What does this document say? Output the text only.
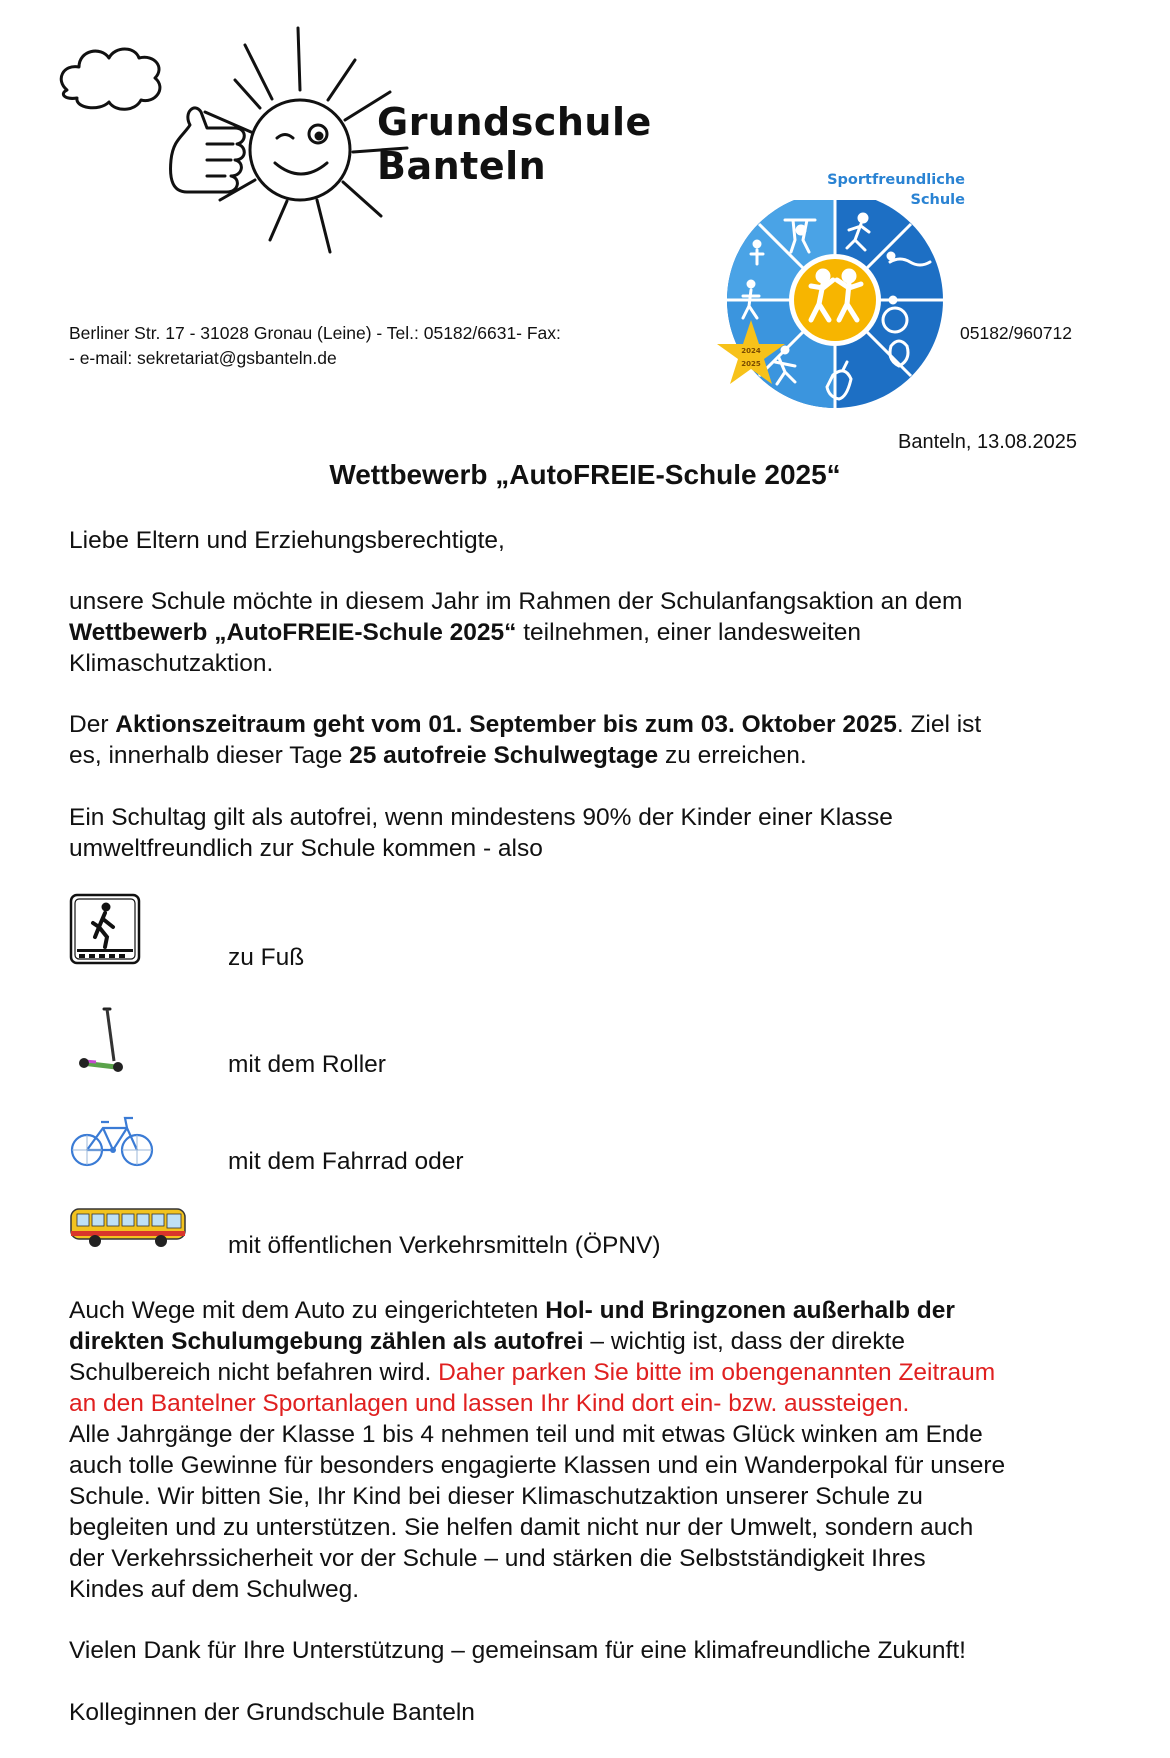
Grundschule
Banteln	Sportfreundliche
Schule
2024
2025
Berliner Str. 17 - 31028 Gronau (Leine) - Tel.: 05182/6631- Fax:	05182/960712
- e-mail: sekretariat@gsbanteln.de
Banteln, 13.08.2025
Wettbewerb „AutoFREIE-Schule 2025“
Liebe Eltern und Erziehungsberechtigte,
unsere Schule möchte in diesem Jahr im Rahmen der Schulanfangsaktion an dem
Wettbewerb „AutoFREIE-Schule 2025“ teilnehmen, einer landesweiten
Klimaschutzaktion.
Der Aktionszeitraum geht vom 01. September bis zum 03. Oktober 2025. Ziel ist
es, innerhalb dieser Tage 25 autofreie Schulwegtage zu erreichen.
Ein Schultag gilt als autofrei, wenn mindestens 90% der Kinder einer Klasse
umweltfreundlich zur Schule kommen - also
zu Fuß
mit dem Roller
mit dem Fahrrad oder
mit öffentlichen Verkehrsmitteln (ÖPNV)
Auch Wege mit dem Auto zu eingerichteten Hol- und Bringzonen außerhalb der
direkten Schulumgebung zählen als autofrei – wichtig ist, dass der direkte
Schulbereich nicht befahren wird. Daher parken Sie bitte im obengenannten Zeitraum
an den Bantelner Sportanlagen und lassen Ihr Kind dort ein- bzw. aussteigen.
Alle Jahrgänge der Klasse 1 bis 4 nehmen teil und mit etwas Glück winken am Ende
auch tolle Gewinne für besonders engagierte Klassen und ein Wanderpokal für unsere
Schule. Wir bitten Sie, Ihr Kind bei dieser Klimaschutzaktion unserer Schule zu
begleiten und zu unterstützen. Sie helfen damit nicht nur der Umwelt, sondern auch
der Verkehrssicherheit vor der Schule – und stärken die Selbstständigkeit Ihres
Kindes auf dem Schulweg.
Vielen Dank für Ihre Unterstützung – gemeinsam für eine klimafreundliche Zukunft!
Kolleginnen der Grundschule Banteln
